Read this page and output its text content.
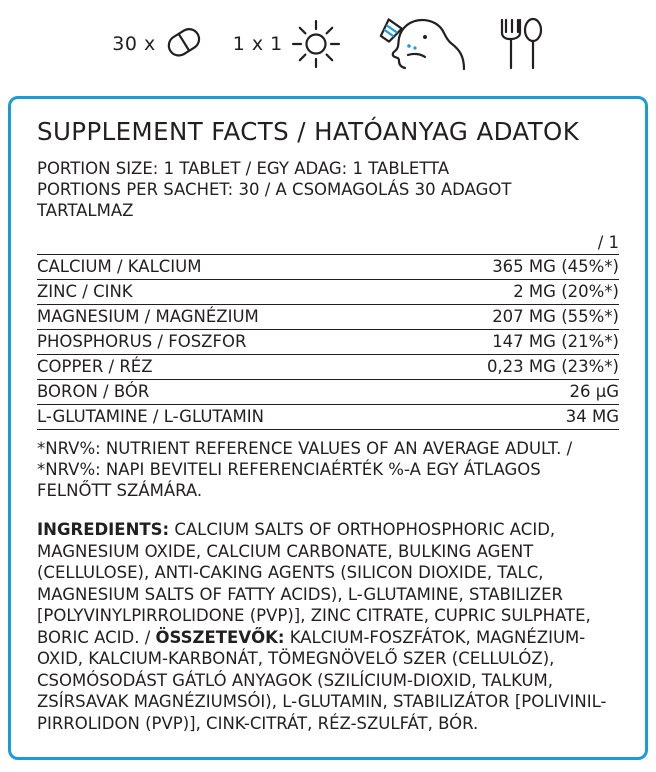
30 x	1 x 1
SUPPLEMENT FACTS / HATÓANYAG ADATOK
PORTION SIZE: 1 TABLET / EGY ADAG: 1 TABLETTA
PORTIONS PER SACHET: 30 / A CSOMAGOLÁS 30 ADAGOT
TARTALMAZ
	/ 1
CALCIUM / KALCIUM	365 MG (45%*)
ZINC / CINK	2 MG (20%*)
MAGNESIUM / MAGNÉZIUM	207 MG (55%*)
PHOSPHORUS / FOSZFOR	147 MG (21%*)
COPPER / RÉZ	0,23 MG (23%*)
BORON / BÓR	26 µG
L-GLUTAMINE / L-GLUTAMIN	34 MG
*NRV%: NUTRIENT REFERENCE VALUES OF AN AVERAGE ADULT. / *NRV%: NAPI BEVITELI REFERENCIAÉRTÉK %-A EGY ÁTLAGOS FELNŐTT SZÁMÁRA.
INGREDIENTS: CALCIUM SALTS OF ORTHOPHOSPHORIC ACID, MAGNESIUM OXIDE, CALCIUM CARBONATE, BULKING AGENT (CELLULOSE), ANTI-CAKING AGENTS (SILICON DIOXIDE, TALC, MAGNESIUM SALTS OF FATTY ACIDS), L-GLUTAMINE, STABILIZER [POLYVINYLPIRROLIDONE (PVP)], ZINC CITRATE, CUPRIC SULPHATE, BORIC ACID. / ÖSSZETEVŐK: KALCIUM-FOSZFÁTOK, MAGNÉZIUM-OXID, KALCIUM-KARBONÁT, TÖMEGNÖVELŐ SZER (CELLULÓZ), CSOMÓSODÁST GÁTLÓ ANYAGOK (SZILÍCIUM-DIOXID, TALKUM, ZSÍRSAVAK MAGNÉZIUMSÓI), L-GLUTAMIN, STABILIZÁTOR [POLIVINIL-PIRROLIDON (PVP)], CINK-CITRÁT, RÉZ-SZULFÁT, BÓR.
